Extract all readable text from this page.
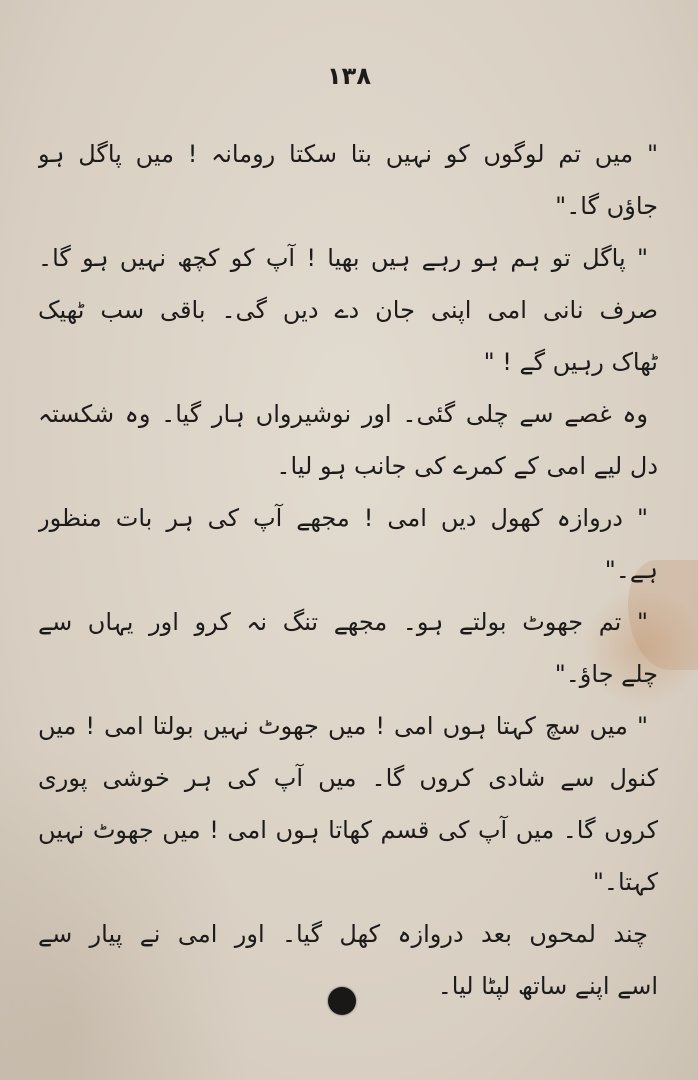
۱۳۸
" میں تم لوگوں کو نہیں بتا سکتا رومانہ ! میں پاگل ہو
جاؤں گا۔"
" پاگل تو ہم ہو رہے ہیں بھیا ! آپ کو کچھ نہیں ہو گا۔
صرف نانی امی اپنی جان دے دیں گی۔ باقی سب ٹھیک
ٹھاک رہیں گے ! "
وہ غصے سے چلی گئی۔ اور نوشیرواں ہار گیا۔ وہ شکستہ
دل لیے امی کے کمرے کی جانب ہو لیا۔
" دروازہ کھول دیں امی ! مجھے آپ کی ہر بات منظور
ہے۔"
" تم جھوٹ بولتے ہو۔ مجھے تنگ نہ کرو اور یہاں سے
چلے جاؤ۔"
" میں سچ کہتا ہوں امی ! میں جھوٹ نہیں بولتا امی ! میں
کنول سے شادی کروں گا۔ میں آپ کی ہر خوشی پوری
کروں گا۔ میں آپ کی قسم کھاتا ہوں امی ! میں جھوٹ نہیں
کہتا۔"
چند لمحوں بعد دروازہ کھل گیا۔ اور امی نے پیار سے
اسے اپنے ساتھ لپٹا لیا۔
